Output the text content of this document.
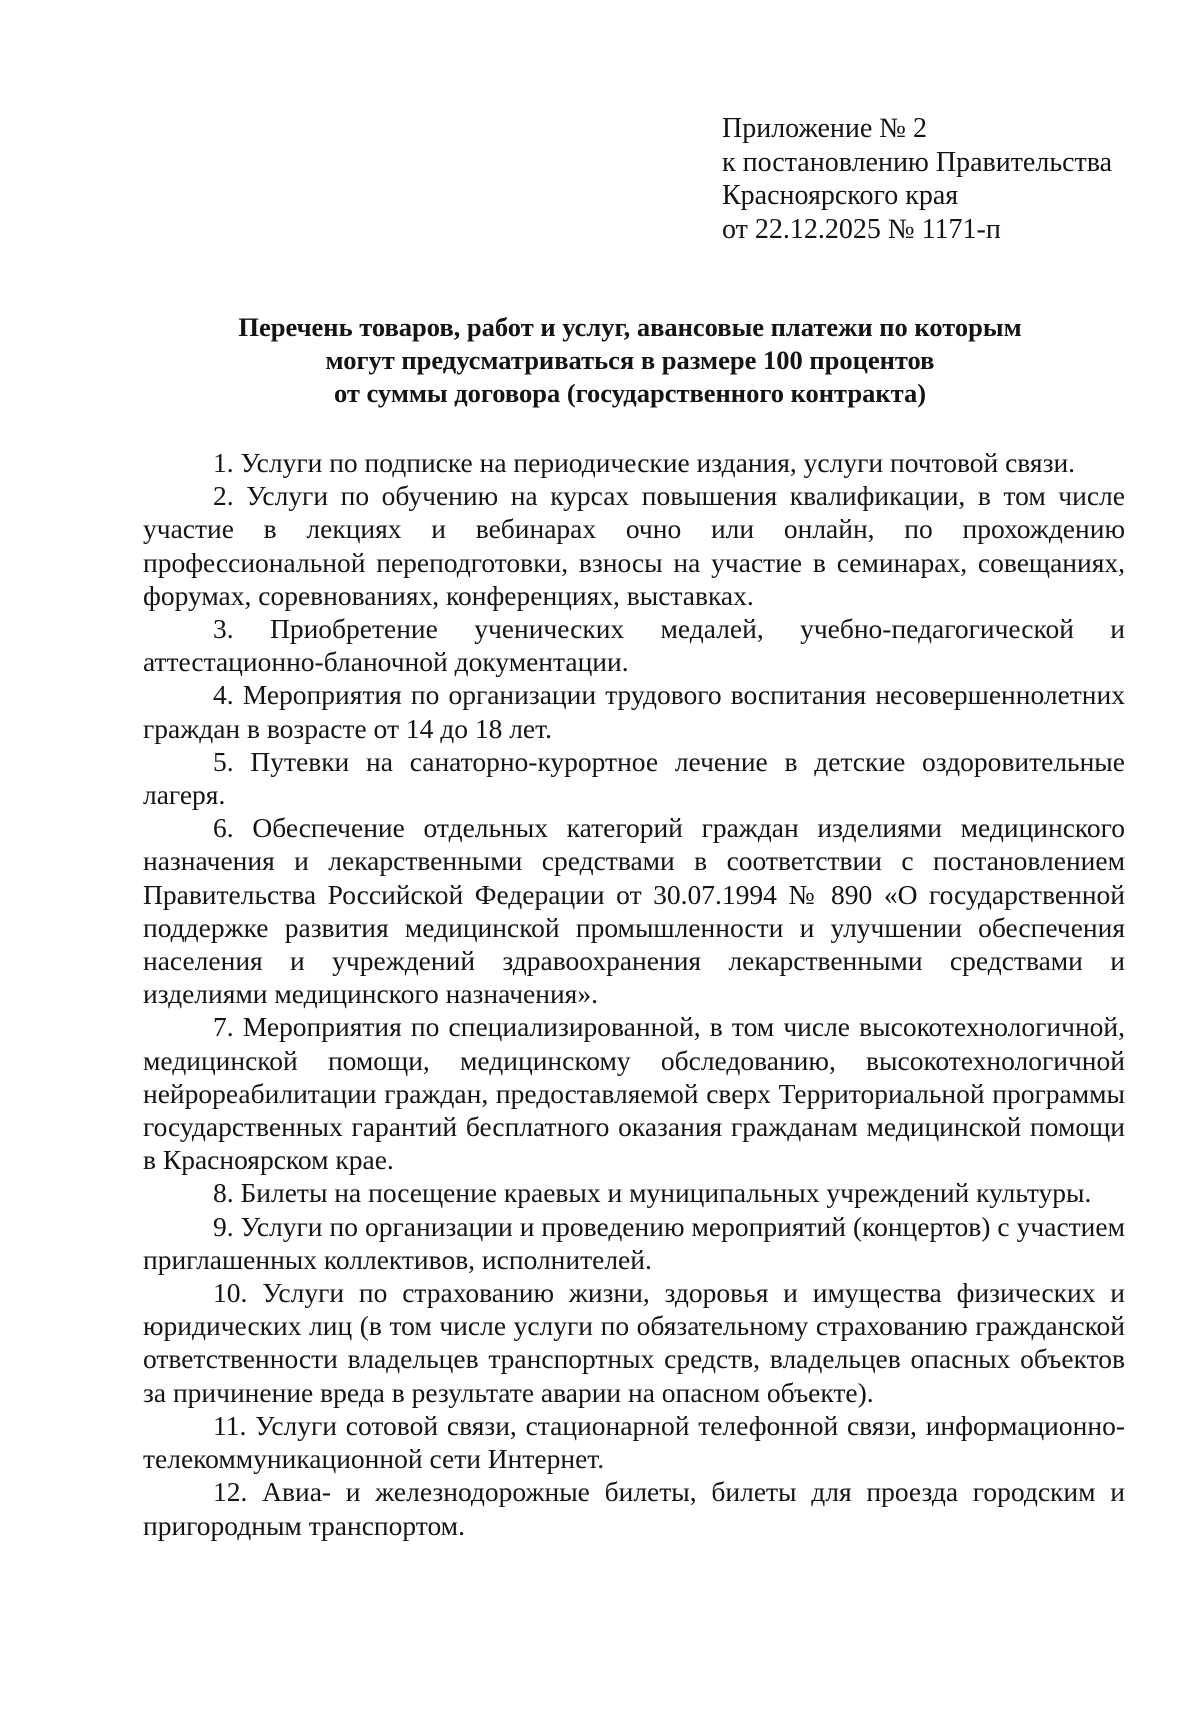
Приложение № 2
к постановлению Правительства
Красноярского края
от 22.12.2025 № 1171-п
Перечень товаров, работ и услуг, авансовые платежи по которым
могут предусматриваться в размере 100 процентов
от суммы договора (государственного контракта)

1. Услуги по подписке на периодические издания, услуги почтовой связи.

2. Услуги по обучению на курсах повышения квалификации, в том числе участие в лекциях и вебинарах очно или онлайн, по прохождению профессиональной переподготовки, взносы на участие в семинарах, совещаниях, форумах, соревнованиях, конференциях, выставках.

3. Приобретение ученических медалей, учебно-педагогической и аттестационно-бланочной документации.

4. Мероприятия по организации трудового воспитания несовершеннолетних граждан в возрасте от 14 до 18 лет.

5. Путевки на санаторно-курортное лечение в детские оздоровительные лагеря.

6. Обеспечение отдельных категорий граждан изделиями медицинского назначения и лекарственными средствами в соответствии с постановлением Правительства Российской Федерации от 30.07.1994 № 890 «О государственной поддержке развития медицинской промышленности и улучшении обеспечения населения и учреждений здравоохранения лекарственными средствами и изделиями медицинского назначения».

7. Мероприятия по специализированной, в том числе высокотехнологичной, медицинской помощи, медицинскому обследованию, высокотехнологичной нейрореабилитации граждан, предоставляемой сверх Территориальной программы государственных гарантий бесплатного оказания гражданам медицинской помощи в Красноярском крае.

8. Билеты на посещение краевых и муниципальных учреждений культуры.

9. Услуги по организации и проведению мероприятий (концертов) с участием приглашенных коллективов, исполнителей.

10. Услуги по страхованию жизни, здоровья и имущества физических и юридических лиц (в том числе услуги по обязательному страхованию гражданской ответственности владельцев транспортных средств, владельцев опасных объектов за причинение вреда в результате аварии на опасном объекте).

11. Услуги сотовой связи, стационарной телефонной связи, информационно-телекоммуникационной сети Интернет.

12. Авиа- и железнодорожные билеты, билеты для проезда городским и пригородным транспортом.
